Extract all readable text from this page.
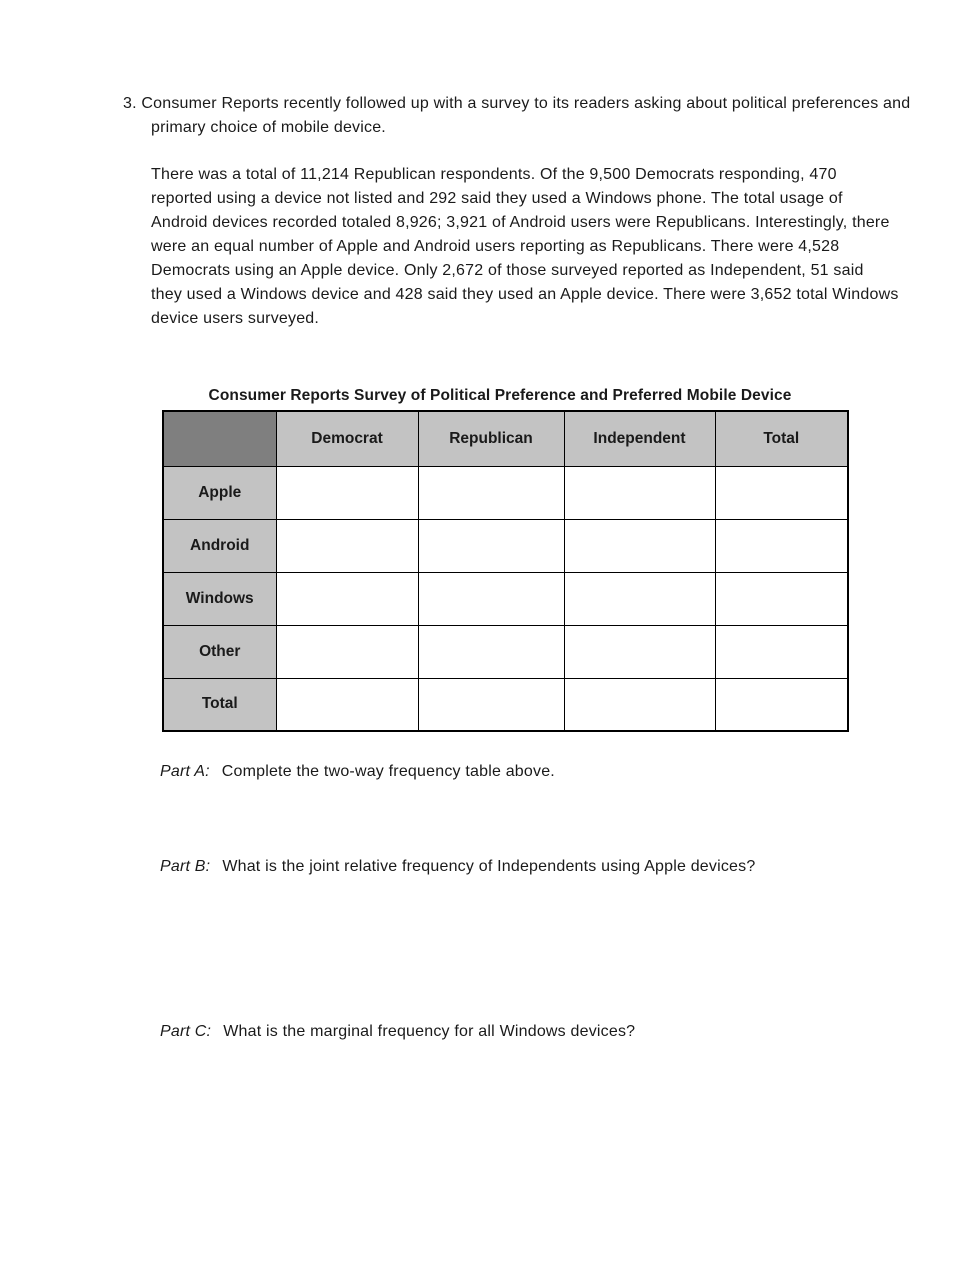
3. Consumer Reports recently followed up with a survey to its readers asking about political preferences and primary choice of mobile device.

There was a total of 11,214 Republican respondents. Of the 9,500 Democrats responding, 470 reported using a device not listed and 292 said they used a Windows phone. The total usage of Android devices recorded totaled 8,926; 3,921 of Android users were Republicans. Interestingly, there were an equal number of Apple and Android users reporting as Republicans. There were 4,528 Democrats using an Apple device. Only 2,672 of those surveyed reported as Independent, 51 said they used a Windows device and 428 said they used an Apple device. There were 3,652 total Windows device users surveyed.

Consumer Reports Survey of Political Preference and Preferred Mobile Device
	Democrat	Republican	Independent	Total
Apple				
Android				
Windows				
Other				
Total				
Part A: Complete the two-way frequency table above.
Part B: What is the joint relative frequency of Independents using Apple devices?
Part C: What is the marginal frequency for all Windows devices?
